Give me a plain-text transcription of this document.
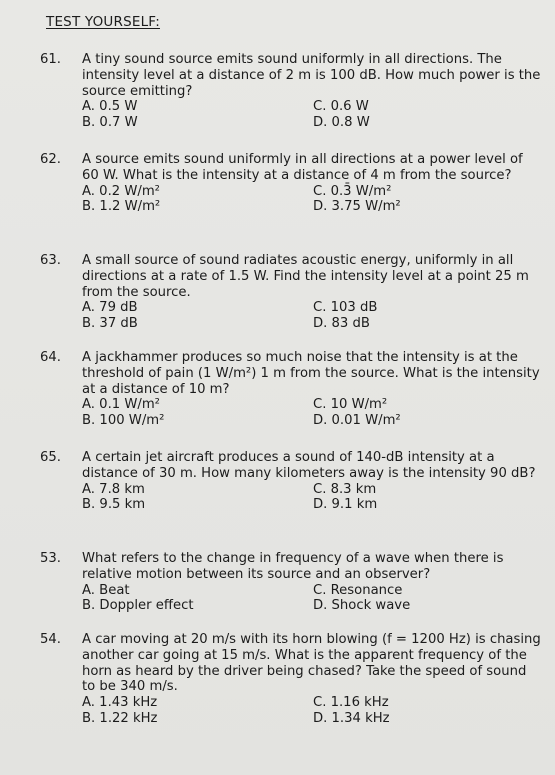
TEST YOURSELF:
61.	A tiny sound source emits sound uniformly in all directions. The intensity level at a distance of 2 m is 100 dB. How much power is the source emitting?
A. 0.5 W	C. 0.6 W
B. 0.7 W	D. 0.8 W
62.	A source emits sound uniformly in all directions at a power level of 60 W. What is the intensity at a distance of 4 m from the source?
A. 0.2 W/m²	C. 0.3̄ W/m²
B. 1.2 W/m²	D. 3.75 W/m²
63.	A small source of sound radiates acoustic energy, uniformly in all directions at a rate of 1.5 W. Find the intensity level at a point 25 m from the source.
A. 79 dB	C. 103 dB
B. 37 dB	D. 83 dB
64.	A jackhammer produces so much noise that the intensity is at the threshold of pain (1 W/m²) 1 m from the source. What is the intensity at a distance of 10 m?
A. 0.1 W/m²	C. 10 W/m²
B. 100 W/m²	D. 0.01 W/m²
65.	A certain jet aircraft produces a sound of 140-dB intensity at a distance of 30 m. How many kilometers away is the intensity 90 dB?
A. 7.8 km	C. 8.3 km
B. 9.5 km	D. 9.1 km
53.	What refers to the change in frequency of a wave when there is relative motion between its source and an observer?
A. Beat	C. Resonance
B. Doppler effect	D. Shock wave
54.	A car moving at 20 m/s with its horn blowing (f = 1200 Hz) is chasing another car going at 15 m/s. What is the apparent frequency of the horn as heard by the driver being chased? Take the speed of sound to be 340 m/s.
A. 1.43 kHz	C. 1.16 kHz
B. 1.22 kHz	D. 1.34 kHz
